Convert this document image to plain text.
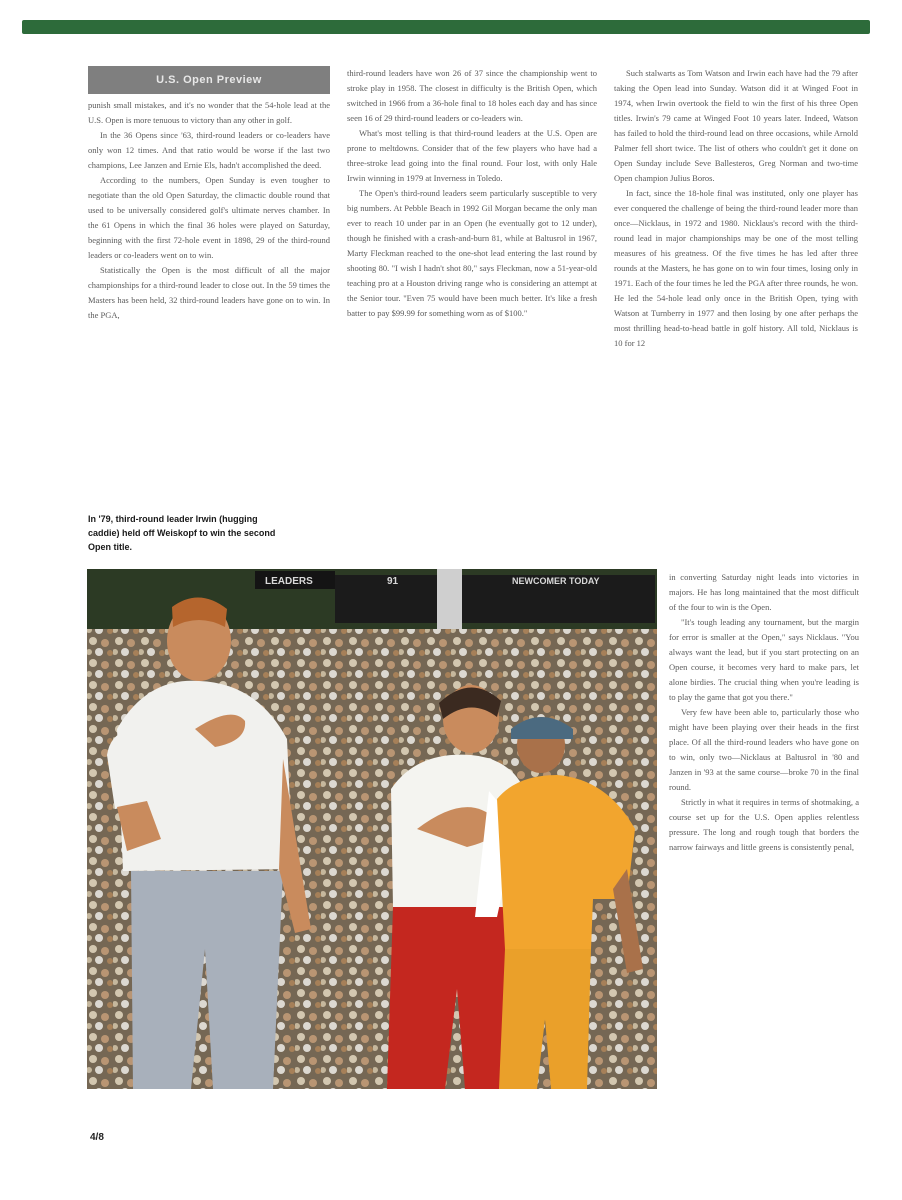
U.S. Open Preview

punish small mistakes, and it's no wonder that the 54-hole lead at the U.S. Open is more tenuous to victory than any other in golf.

In the 36 Opens since '63, third-round leaders or co-leaders have only won 12 times. And that ratio would be worse if the last two champions, Lee Janzen and Ernie Els, hadn't accomplished the deed.

According to the numbers, Open Sunday is even tougher to negotiate than the old Open Saturday, the climactic double round that used to be universally considered golf's ultimate nerves chamber. In the 61 Opens in which the final 36 holes were played on Saturday, beginning with the first 72-hole event in 1898, 29 of the third-round leaders or co-leaders went on to win.

Statistically the Open is the most difficult of all the major championships for a third-round leader to close out. In the 59 times the Masters has been held, 32 third-round leaders have gone on to win. In the PGA,

third-round leaders have won 26 of 37 since the championship went to stroke play in 1958. The closest in difficulty is the British Open, which switched in 1966 from a 36-hole final to 18 holes each day and has since seen 16 of 29 third-round leaders or co-leaders win.

What's most telling is that third-round leaders at the U.S. Open are prone to meltdowns. Consider that of the few players who have had a three-stroke lead going into the final round. Four lost, with only Hale Irwin winning in 1979 at Inverness in Toledo.

The Open's third-round leaders seem particularly susceptible to very big numbers. At Pebble Beach in 1992 Gil Morgan became the only man ever to reach 10 under par in an Open (he eventually got to 12 under), though he finished with a crash-and-burn 81, while at Baltusrol in 1967, Marty Fleckman reached to the one-shot lead entering the last round by shooting 80. "I wish I hadn't shot 80," says Fleckman, now a 51-year-old teaching pro at a Houston driving range who is considering an attempt at the Senior tour. "Even 75 would have been much better. It's like a fresh batter to pay $99.99 for something worn as of $100."

Such stalwarts as Tom Watson and Irwin each have had the 79 after taking the Open lead into Sunday. Watson did it at Winged Foot in 1974, when Irwin overtook the field to win the first of his three Open titles. Irwin's 79 came at Winged Foot 10 years later. Indeed, Watson has failed to hold the third-round lead on three occasions, while Arnold Palmer fell short twice. The list of others who couldn't get it done on Open Sunday include Seve Ballesteros, Greg Norman and two-time Open champion Julius Boros.

In fact, since the 18-hole final was instituted, only one player has ever conquered the challenge of being the third-round leader more than once—Nicklaus, in 1972 and 1980. Nicklaus's record with the third-round lead in major championships may be one of the most telling measures of his greatness. Of the five times he has led after three rounds at the Masters, he has gone on to win four times, losing only in 1971. Each of the four times he led the PGA after three rounds, he won. He led the 54-hole lead only once in the British Open, tying with Watson at Turnberry in 1977 and then losing by one after perhaps the most thrilling head-to-head battle in golf history. All told, Nicklaus is 10 for 12

In '79, third-round leader Irwin (hugging caddie) held off Weiskopf to win the second Open title.
LEADERS	91	NEWCOMER TODAY	in converting Saturday night leads into victories in majors. He has long maintained that the most difficult of the four to win is the Open.

"It's tough leading any tournament, but the margin for error is smaller at the Open," says Nicklaus. "You always want the lead, but if you start protecting on an Open course, it becomes very hard to make pars, let alone birdies. The crucial thing when you're leading is to play the game that got you there."

Very few have been able to, particularly those who might have been playing over their heads in the first place. Of all the third-round leaders who have gone on to win, only two—Nicklaus at Baltusrol in '80 and Janzen in '93 at the same course—broke 70 in the final round.

Strictly in what it requires in terms of shotmaking, a course set up for the U.S. Open applies relentless pressure. The long and rough tough that borders the narrow fairways and little greens is consistently penal,

4/8
